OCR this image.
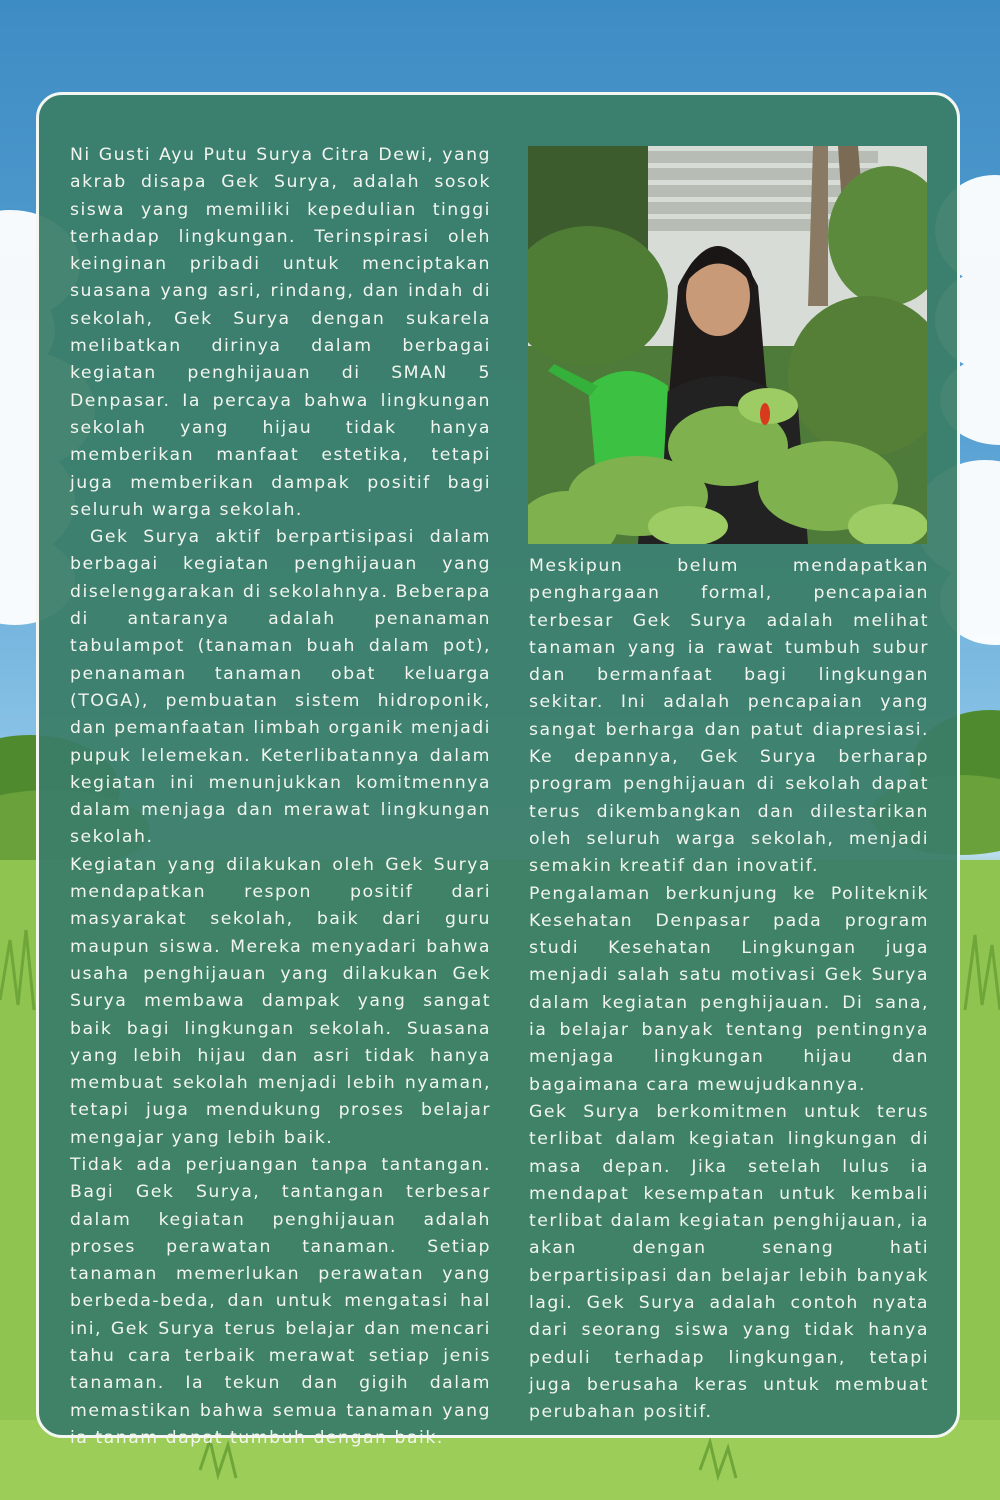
Ni Gusti Ayu Putu Surya Citra Dewi, yang akrab disapa Gek Surya, adalah sosok siswa yang memiliki kepedulian tinggi terhadap lingkungan. Terinspirasi oleh keinginan pribadi untuk menciptakan suasana yang asri, rindang, dan indah di sekolah, Gek Surya dengan sukarela melibatkan dirinya dalam berbagai kegiatan penghijauan di SMAN 5 Denpasar. Ia percaya bahwa lingkungan sekolah yang hijau tidak hanya memberikan manfaat estetika, tetapi juga memberikan dampak positif bagi seluruh warga sekolah.

Gek Surya aktif berpartisipasi dalam berbagai kegiatan penghijauan yang diselenggarakan di sekolahnya. Beberapa di antaranya adalah penanaman tabulampot (tanaman buah dalam pot), penanaman tanaman obat keluarga (TOGA), pembuatan sistem hidroponik, dan pemanfaatan limbah organik menjadi pupuk lelemekan. Keterlibatannya dalam kegiatan ini menunjukkan komitmennya dalam menjaga dan merawat lingkungan sekolah.

Kegiatan yang dilakukan oleh Gek Surya mendapatkan respon positif dari masyarakat sekolah, baik dari guru maupun siswa. Mereka menyadari bahwa usaha penghijauan yang dilakukan Gek Surya membawa dampak yang sangat baik bagi lingkungan sekolah. Suasana yang lebih hijau dan asri tidak hanya membuat sekolah menjadi lebih nyaman, tetapi juga mendukung proses belajar mengajar yang lebih baik.

Tidak ada perjuangan tanpa tantangan. Bagi Gek Surya, tantangan terbesar dalam kegiatan penghijauan adalah proses perawatan tanaman. Setiap tanaman memerlukan perawatan yang berbeda-beda, dan untuk mengatasi hal ini, Gek Surya terus belajar dan mencari tahu cara terbaik merawat setiap jenis tanaman. Ia tekun dan gigih dalam memastikan bahwa semua tanaman yang ia tanam dapat tumbuh dengan baik.

Meskipun belum mendapatkan penghargaan formal, pencapaian terbesar Gek Surya adalah melihat tanaman yang ia rawat tumbuh subur dan bermanfaat bagi lingkungan sekitar. Ini adalah pencapaian yang sangat berharga dan patut diapresiasi. Ke depannya, Gek Surya berharap program penghijauan di sekolah dapat terus dikembangkan dan dilestarikan oleh seluruh warga sekolah, menjadi semakin kreatif dan inovatif.

Pengalaman berkunjung ke Politeknik Kesehatan Denpasar pada program studi Kesehatan Lingkungan juga menjadi salah satu motivasi Gek Surya dalam kegiatan penghijauan. Di sana, ia belajar banyak tentang pentingnya menjaga lingkungan hijau dan bagaimana cara mewujudkannya.

Gek Surya berkomitmen untuk terus terlibat dalam kegiatan lingkungan di masa depan. Jika setelah lulus ia mendapat kesempatan untuk kembali terlibat dalam kegiatan penghijauan, ia akan dengan senang hati berpartisipasi dan belajar lebih banyak lagi. Gek Surya adalah contoh nyata dari seorang siswa yang tidak hanya peduli terhadap lingkungan, tetapi juga berusaha keras untuk membuat perubahan positif.
